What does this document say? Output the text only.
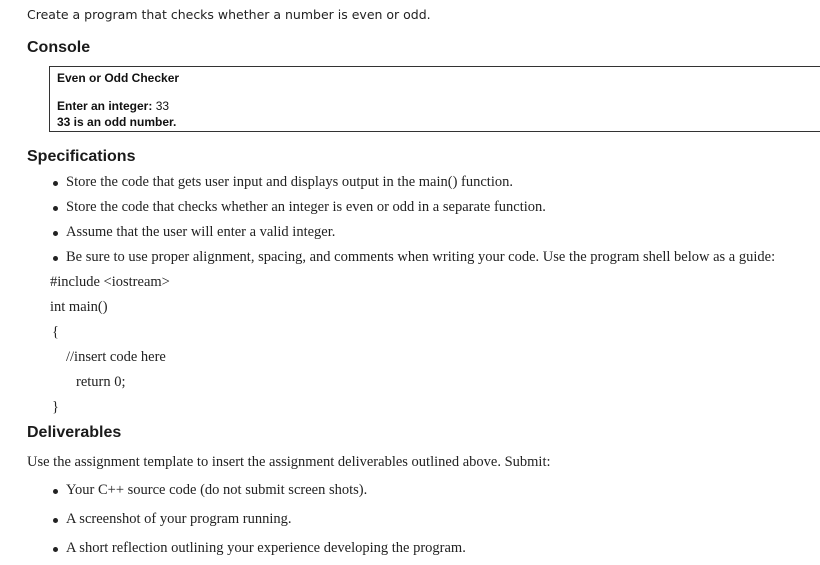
Create a program that checks whether a number is even or odd.
Console
Even or Odd Checker
Enter an integer: 33
33 is an odd number.
Specifications
Store the code that gets user input and displays output in the main() function.
Store the code that checks whether an integer is even or odd in a separate function.
Assume that the user will enter a valid integer.
Be sure to use proper alignment, spacing, and comments when writing your code. Use the program shell below as a guide:
#include <iostream>
int main()
{
//insert code here
return 0;
}
Deliverables
Use the assignment template to insert the assignment deliverables outlined above. Submit:
Your C++ source code (do not submit screen shots).
A screenshot of your program running.
A short reflection outlining your experience developing the program.
